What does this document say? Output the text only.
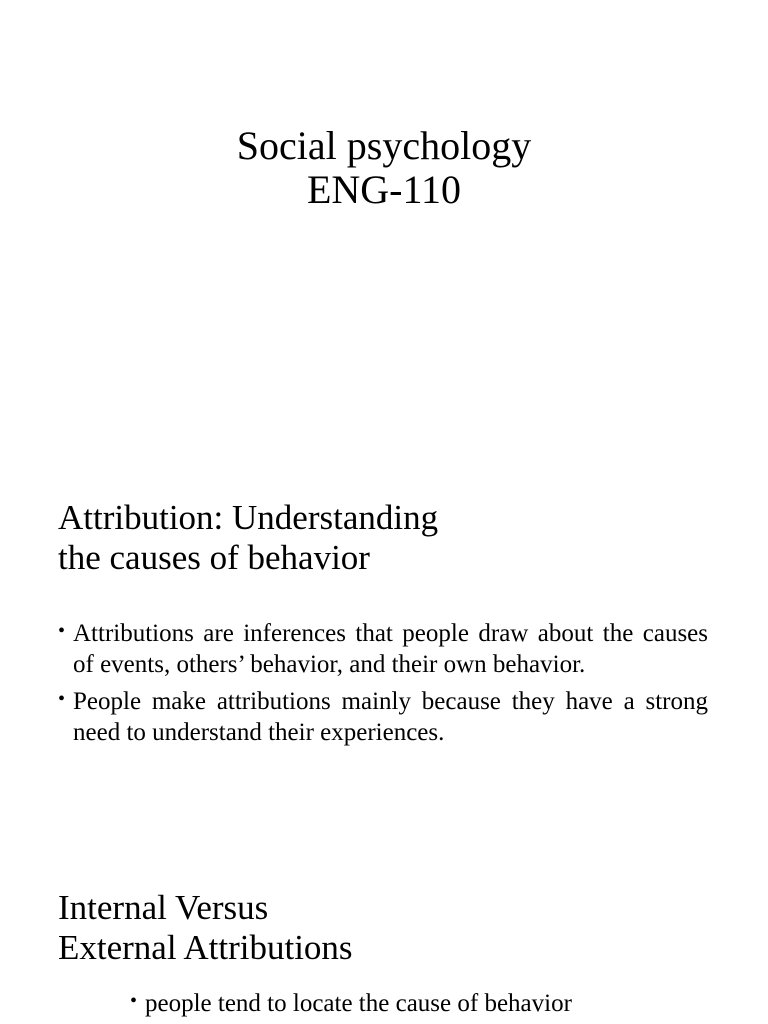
Social psychology
ENG-110
Attribution: Understanding
the causes of behavior
• Attributions are inferences that people draw about the causes of events, others’ behavior, and their own behavior.
• People make attributions mainly because they have a strong need to understand their experiences.
Internal Versus
External Attributions
• people tend to locate the cause of behavior
